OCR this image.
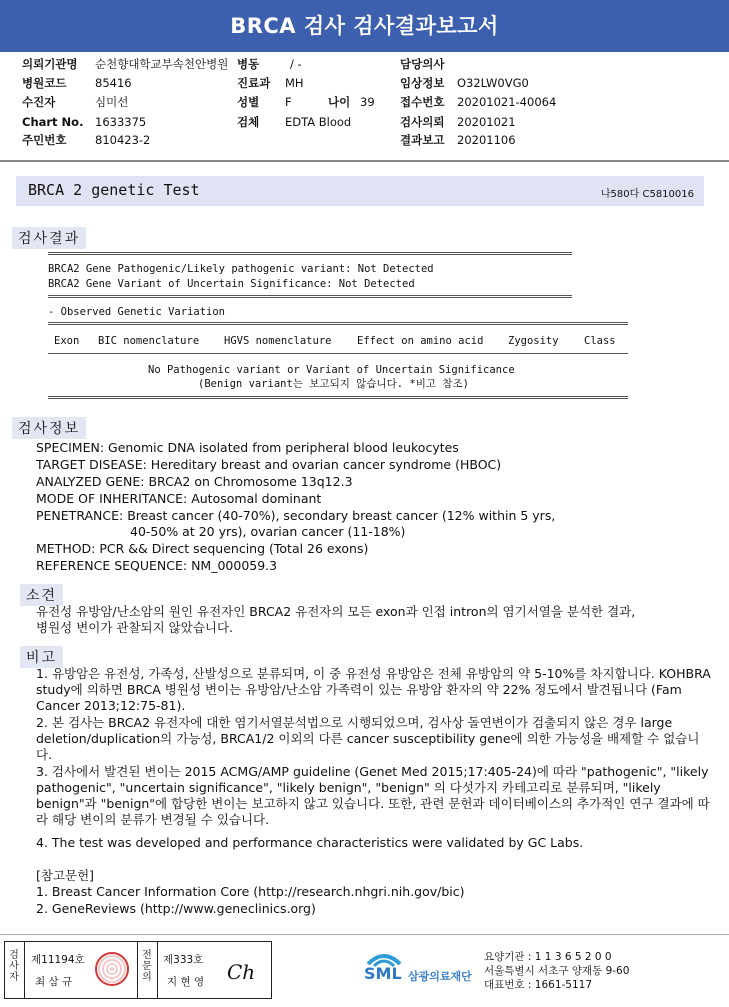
BRCA 검사 검사결과보고서
의뢰기관명 순천향대학교부속천안병원
병원코드 85416
수진자	심미선
Chart No. 1633375
주민번호 810423-2
병동	/ -
진료과 MH
성별 F	나이 39
검체 EDTA Blood
담당의사
임상정보 O32LW0VG0
접수번호 20201021-40064
검사의뢰 20201021
결과보고 20201106
BRCA 2 genetic Test	나580다 C5810016
검사결과
BRCA2 Gene Pathogenic/Likely pathogenic variant: Not Detected
BRCA2 Gene Variant of Uncertain Significance: Not Detected
- Observed Genetic Variation
Exon BIC nomenclature HGVS nomenclature Effect on amino acid Zygosity Class
No Pathogenic variant or Variant of Uncertain Significance
(Benign variant는 보고되지 않습니다. *비고 참조)
검사정보
SPECIMEN: Genomic DNA isolated from peripheral blood leukocytes
TARGET DISEASE: Hereditary breast and ovarian cancer syndrome (HBOC)
ANALYZED GENE: BRCA2 on Chromosome 13q12.3
MODE OF INHERITANCE: Autosomal dominant
PENETRANCE: Breast cancer (40-70%), secondary breast cancer (12% within 5 yrs,
40-50% at 20 yrs), ovarian cancer (11-18%)
METHOD: PCR && Direct sequencing (Total 26 exons)
REFERENCE SEQUENCE: NM_000059.3
소견
유전성 유방암/난소암의 원인 유전자인 BRCA2 유전자의 모든 exon과 인접 intron의 염기서열을 분석한 결과,
병원성 변이가 관찰되지 않았습니다.
비고
1. 유방암은 유전성, 가족성, 산발성으로 분류되며, 이 중 유전성 유방암은 전체 유방암의 약 5-10%를 차지합니다. KOHBRA study에 의하면 BRCA 병원성 변이는 유방암/난소암 가족력이 있는 유방암 환자의 약 22% 정도에서 발견됩니다 (Fam Cancer 2013;12:75-81).
2. 본 검사는 BRCA2 유전자에 대한 염기서열분석법으로 시행되었으며, 검사상 돌연변이가 검출되지 않은 경우 large deletion/duplication의 가능성, BRCA1/2 이외의 다른 cancer susceptibility gene에 의한 가능성을 배제할 수 없습니다.
3. 검사에서 발견된 변이는 2015 ACMG/AMP guideline (Genet Med 2015;17:405-24)에 따라 "pathogenic", "likely pathogenic", "uncertain significance", "likely benign", "benign" 의 다섯가지 카테고리로 분류되며, "likely benign"과 "benign"에 합당한 변이는 보고하지 않고 있습니다. 또한, 관련 문헌과 데이터베이스의 추가적인 연구 결과에 따라 해당 변이의 분류가 변경될 수 있습니다.
4. The test was developed and performance characteristics were validated by GC Labs.
[참고문헌]
1. Breast Cancer Information Core (http://research.nhgri.nih.gov/bic)
2. GeneReviews (http://www.geneclinics.org)
검사자
제11194호
최 삼 규
전문의
제333호
지 현 영 Ch	SML 삼광의료재단
요양기관 : 1 1 3 6 5 2 0 0
서울특별시 서초구 양재동 9-60
대표번호 : 1661-5117
